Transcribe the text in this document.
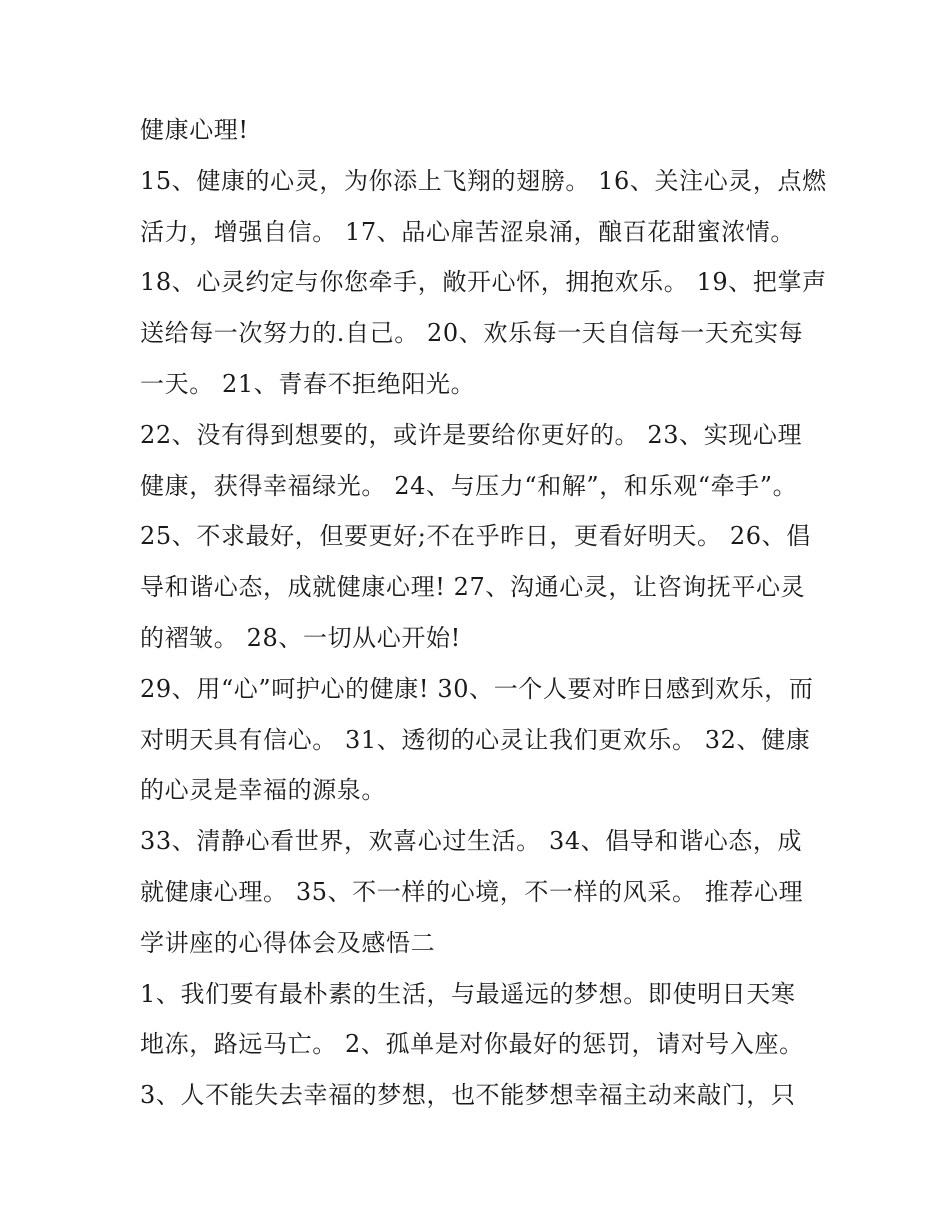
健康心理!
15、健康的心灵，为你添上飞翔的翅膀。 16、关注心灵，点燃
活力，增强自信。 17、品心扉苦涩泉涌，酿百花甜蜜浓情。
18、心灵约定与你您牵手，敞开心怀，拥抱欢乐。 19、把掌声
送给每一次努力的.自己。 20、欢乐每一天自信每一天充实每
一天。 21、青春不拒绝阳光。
22、没有得到想要的，或许是要给你更好的。 23、实现心理
健康，获得幸福绿光。 24、与压力“和解”，和乐观“牵手”。
25、不求最好，但要更好;不在乎昨日，更看好明天。 26、倡
导和谐心态，成就健康心理! 27、沟通心灵，让咨询抚平心灵
的褶皱。 28、一切从心开始!
29、用“心”呵护心的健康! 30、一个人要对昨日感到欢乐，而
对明天具有信心。 31、透彻的心灵让我们更欢乐。 32、健康
的心灵是幸福的源泉。
33、清静心看世界，欢喜心过生活。 34、倡导和谐心态，成
就健康心理。 35、不一样的心境，不一样的风采。 推荐心理
学讲座的心得体会及感悟二
1、我们要有最朴素的生活，与最遥远的梦想。即使明日天寒
地冻，路远马亡。 2、孤单是对你最好的惩罚，请对号入座。
3、人不能失去幸福的梦想，也不能梦想幸福主动来敲门，只
